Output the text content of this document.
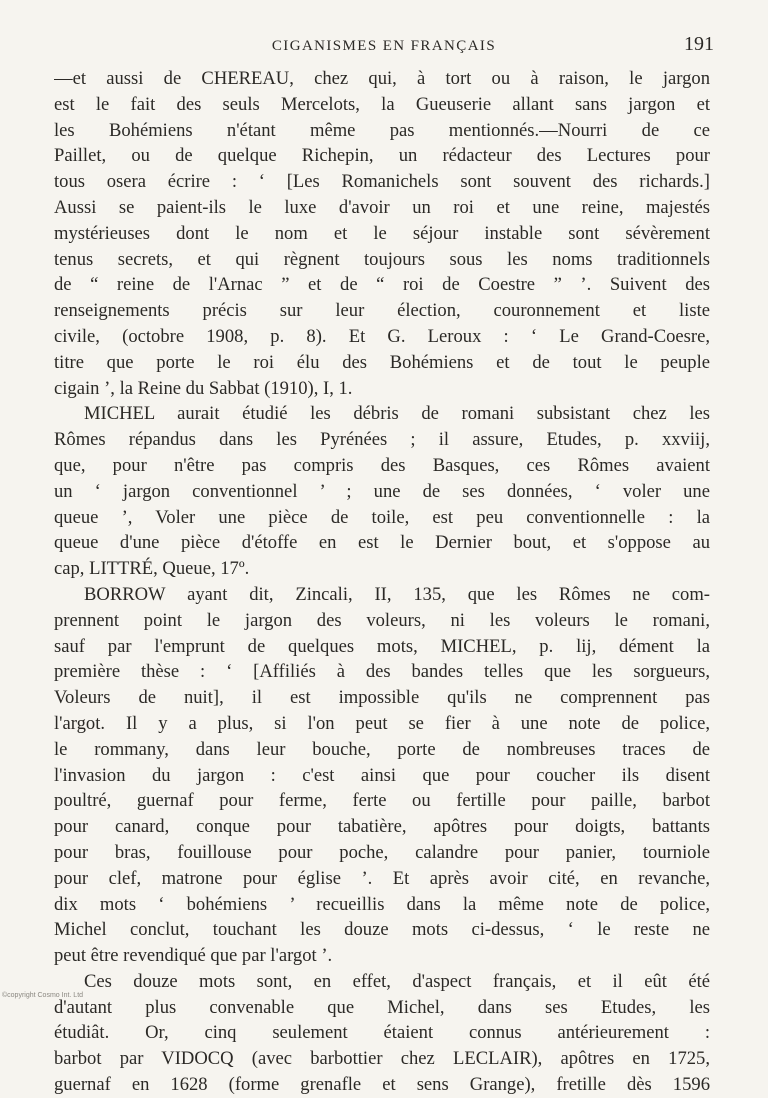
CIGANISMES EN FRANÇAIS	191
—et aussi de CHEREAU, chez qui, à tort ou à raison, le jargon
est le fait des seuls Mercelots, la Gueuserie allant sans jargon et
les Bohémiens n'étant même pas mentionnés.—Nourri de ce
Paillet, ou de quelque Richepin, un rédacteur des Lectures pour
tous osera écrire : ‘ [Les Romanichels sont souvent des richards.]
Aussi se paient-ils le luxe d'avoir un roi et une reine, majestés
mystérieuses dont le nom et le séjour instable sont sévèrement
tenus secrets, et qui règnent toujours sous les noms traditionnels
de “ reine de l'Arnac ” et de “ roi de Coestre ” ’. Suivent des
renseignements précis sur leur élection, couronnement et liste
civile, (octobre 1908, p. 8). Et G. Leroux : ‘ Le Grand-Coesre,
titre que porte le roi élu des Bohémiens et de tout le peuple
cigain ’, la Reine du Sabbat (1910), I, 1.
MICHEL aurait étudié les débris de romani subsistant chez les
Rômes répandus dans les Pyrénées ; il assure, Etudes, p. xxviij,
que, pour n'être pas compris des Basques, ces Rômes avaient
un ‘ jargon conventionnel ’ ; une de ses données, ‘ voler une
queue ’, Voler une pièce de toile, est peu conventionnelle : la
queue d'une pièce d'étoffe en est le Dernier bout, et s'oppose au
cap, LITTRÉ, Queue, 17º.
BORROW ayant dit, Zincali, II, 135, que les Rômes ne com-
prennent point le jargon des voleurs, ni les voleurs le romani,
sauf par l'emprunt de quelques mots, MICHEL, p. lij, dément la
première thèse : ‘ [Affiliés à des bandes telles que les sorgueurs,
Voleurs de nuit], il est impossible qu'ils ne comprennent pas
l'argot. Il y a plus, si l'on peut se fier à une note de police,
le rommany, dans leur bouche, porte de nombreuses traces de
l'invasion du jargon : c'est ainsi que pour coucher ils disent
poultré, guernaf pour ferme, ferte ou fertille pour paille, barbot
pour canard, conque pour tabatière, apôtres pour doigts, battants
pour bras, fouillouse pour poche, calandre pour panier, tourniole
pour clef, matrone pour église ’. Et après avoir cité, en revanche,
dix mots ‘ bohémiens ’ recueillis dans la même note de police,
Michel conclut, touchant les douze mots ci-dessus, ‘ le reste ne
peut être revendiqué que par l'argot ’.
Ces douze mots sont, en effet, d'aspect français, et il eût été
d'autant plus convenable que Michel, dans ses Etudes, les
étudiât. Or, cinq seulement étaient connus antérieurement :
barbot par VIDOCQ (avec barbottier chez LECLAIR), apôtres en 1725,
guernaf en 1628 (forme grenafle et sens Grange), fretille dès 1596
©copyright Cosmo Int. Ltd
